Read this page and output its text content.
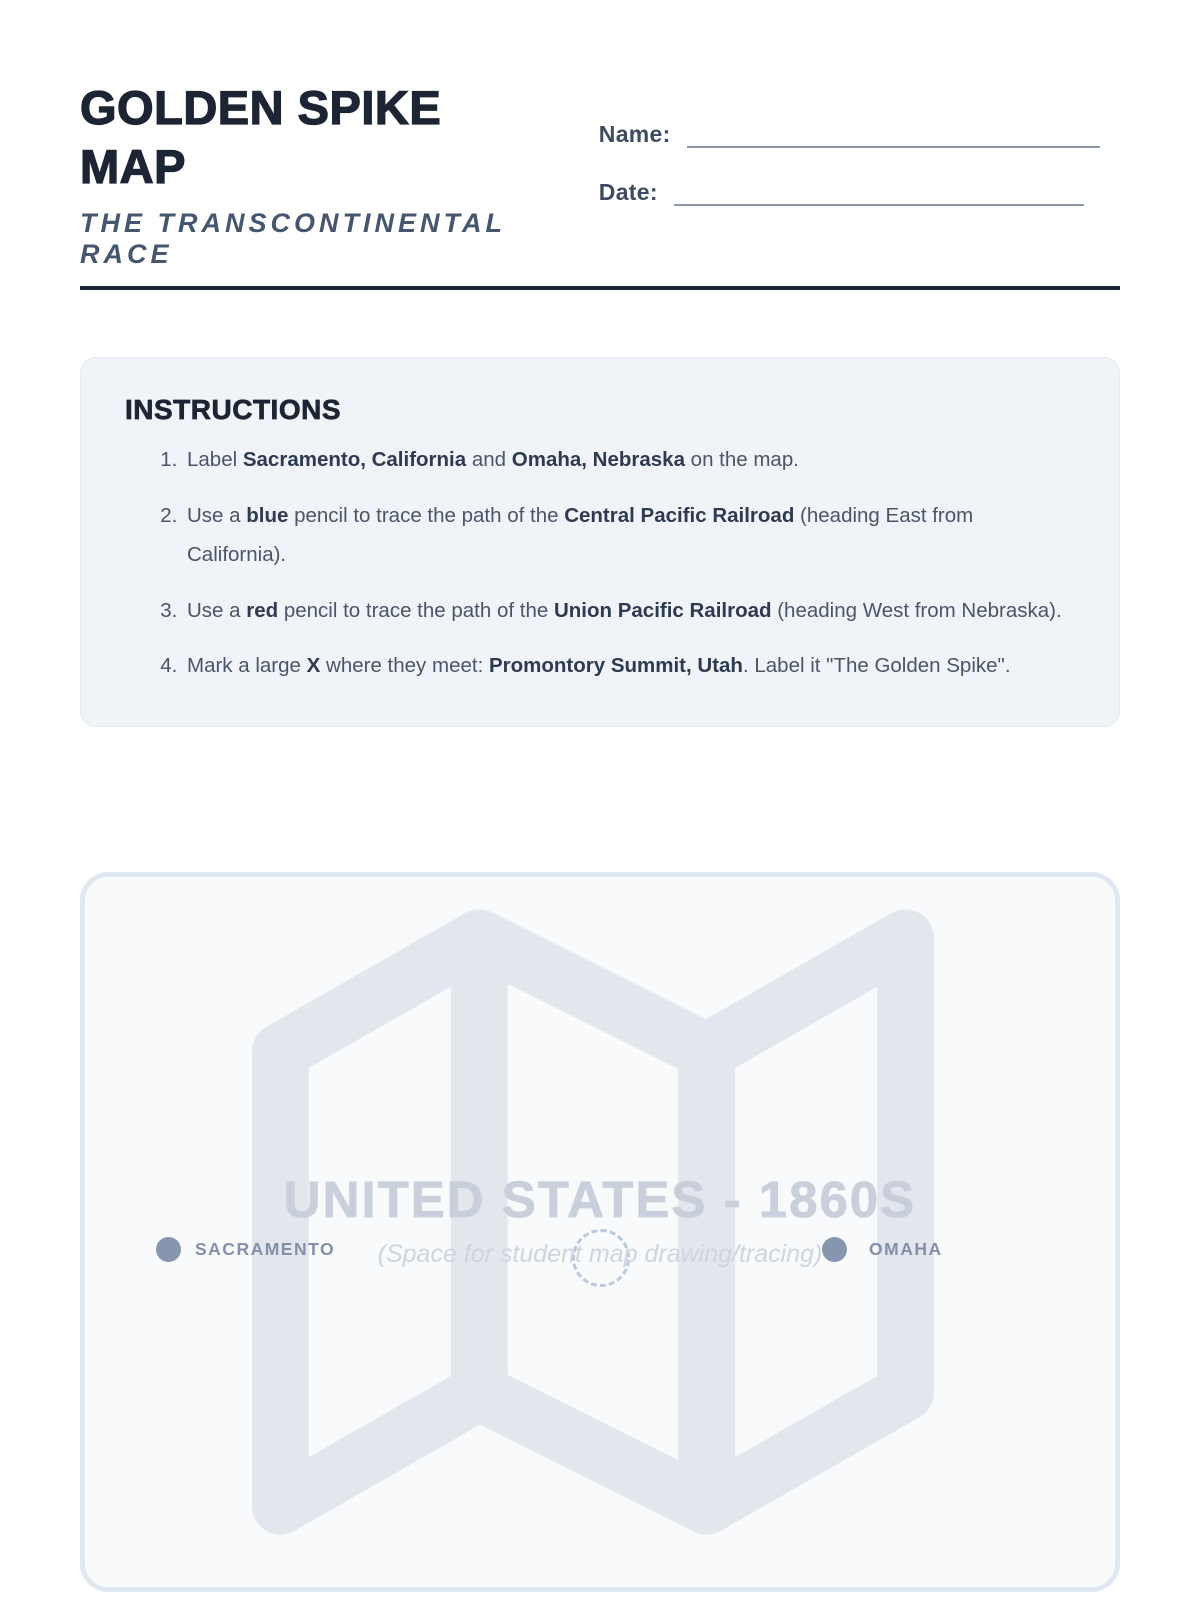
GOLDEN SPIKE MAP
THE TRANSCONTINENTAL RACE
Name:
Date:
INSTRUCTIONS
1. Label Sacramento, California and Omaha, Nebraska on the map.
2. Use a blue pencil to trace the path of the Central Pacific Railroad (heading East from California).
3. Use a red pencil to trace the path of the Union Pacific Railroad (heading West from Nebraska).
4. Mark a large X where they meet: Promontory Summit, Utah. Label it "The Golden Spike".
UNITED STATES - 1860S
(Space for student map drawing/tracing)
SACRAMENTO	OMAHA
